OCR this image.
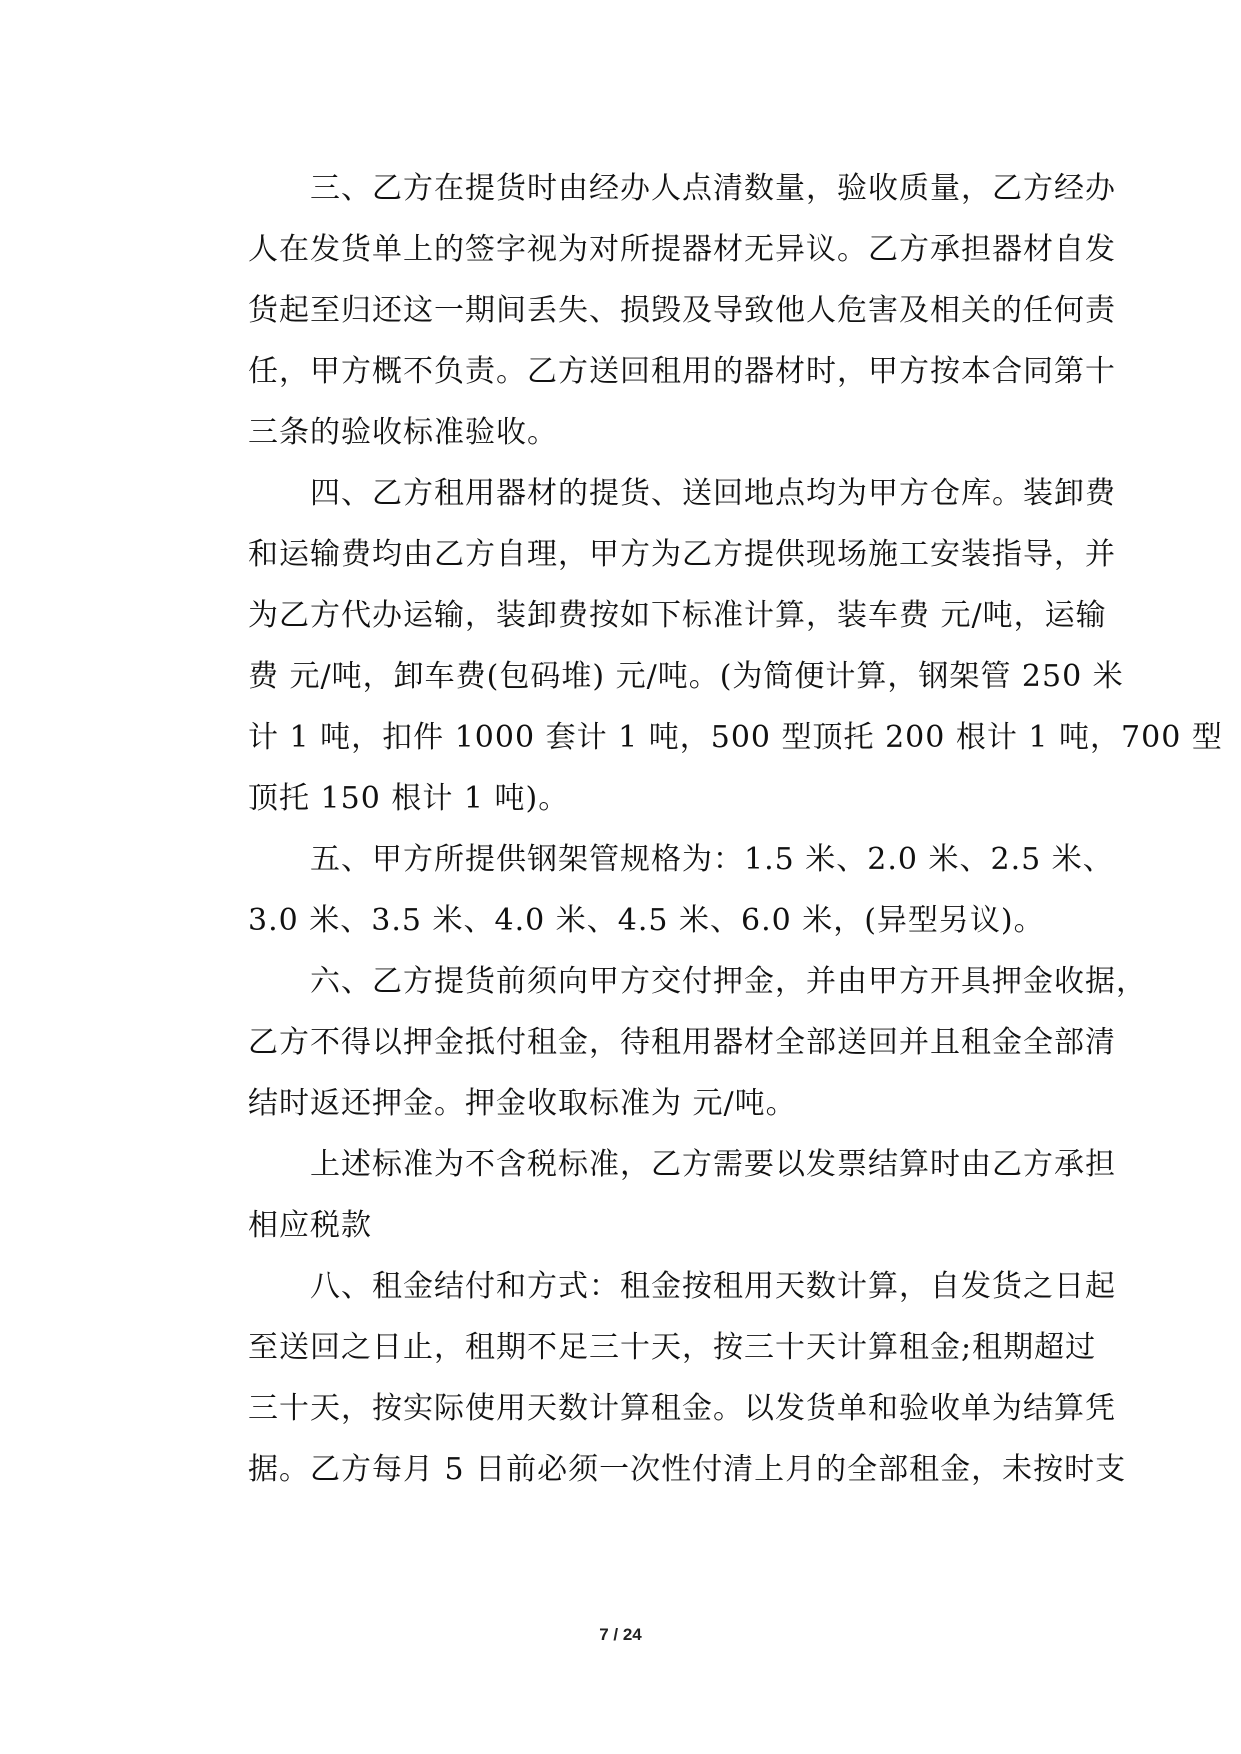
三、乙方在提货时由经办人点清数量，验收质量，乙方经办
人在发货单上的签字视为对所提器材无异议。乙方承担器材自发
货起至归还这一期间丢失、损毁及导致他人危害及相关的任何责
任，甲方概不负责。乙方送回租用的器材时，甲方按本合同第十
三条的验收标准验收。
四、乙方租用器材的提货、送回地点均为甲方仓库。装卸费
和运输费均由乙方自理，甲方为乙方提供现场施工安装指导，并
为乙方代办运输，装卸费按如下标准计算，装车费 元/吨，运输
费 元/吨，卸车费(包码堆) 元/吨。(为简便计算，钢架管 250 米
计 1 吨，扣件 1000 套计 1 吨，500 型顶托 200 根计 1 吨，700 型
顶托 150 根计 1 吨)。
五、甲方所提供钢架管规格为：1.5 米、2.0 米、2.5 米、
3.0 米、3.5 米、4.0 米、4.5 米、6.0 米，(异型另议)。
六、乙方提货前须向甲方交付押金，并由甲方开具押金收据，
乙方不得以押金抵付租金，待租用器材全部送回并且租金全部清
结时返还押金。押金收取标准为 元/吨。
上述标准为不含税标准，乙方需要以发票结算时由乙方承担
相应税款
八、租金结付和方式：租金按租用天数计算，自发货之日起
至送回之日止，租期不足三十天，按三十天计算租金;租期超过
三十天，按实际使用天数计算租金。以发货单和验收单为结算凭
据。乙方每月 5 日前必须一次性付清上月的全部租金，未按时支
7 / 24
